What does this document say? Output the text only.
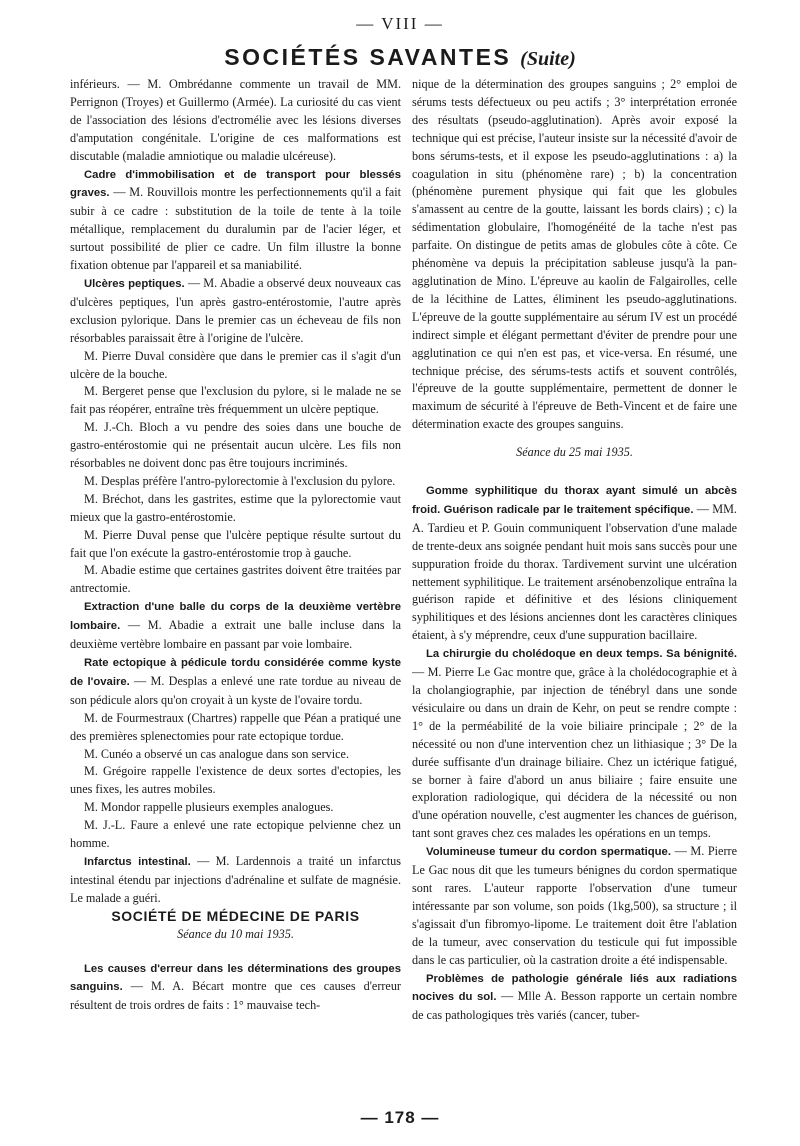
— VIII —
SOCIÉTÉS SAVANTES (Suite)

inférieurs. — M. Ombrédanne commente un travail de MM. Perrignon (Troyes) et Guillermo (Armée). La curiosité du cas vient de l'association des lésions d'ectromélie avec les lésions diverses d'amputation congénitale. L'origine de ces malformations est discutable (maladie amniotique ou maladie ulcéreuse).

Cadre d'immobilisation et de transport pour blessés graves. — M. Rouvillois montre les perfectionnements qu'il a fait subir à ce cadre : substitution de la toile de tente à la toile métallique, remplacement du duralumin par de l'acier léger, et surtout possibilité de plier ce cadre. Un film illustre la bonne fixation obtenue par l'appareil et sa maniabilité.

Ulcères peptiques. — M. Abadie a observé deux nouveaux cas d'ulcères peptiques, l'un après gastro-entérostomie, l'autre après exclusion pylorique. Dans le premier cas un écheveau de fils non résorbables paraissait être à l'origine de l'ulcère.

M. Pierre Duval considère que dans le premier cas il s'agit d'un ulcère de la bouche.

M. Bergeret pense que l'exclusion du pylore, si le malade ne se fait pas réopérer, entraîne très fréquemment un ulcère peptique.

M. J.-Ch. Bloch a vu pendre des soies dans une bouche de gastro-entérostomie qui ne présentait aucun ulcère. Les fils non résorbables ne doivent donc pas être toujours incriminés.

M. Desplas préfère l'antro-pylorectomie à l'exclusion du pylore.

M. Bréchot, dans les gastrites, estime que la pylorectomie vaut mieux que la gastro-entérostomie.

M. Pierre Duval pense que l'ulcère peptique résulte surtout du fait que l'on exécute la gastro-entérostomie trop à gauche.

M. Abadie estime que certaines gastrites doivent être traitées par antrectomie.

Extraction d'une balle du corps de la deuxième vertèbre lombaire. — M. Abadie a extrait une balle incluse dans la deuxième vertèbre lombaire en passant par voie lombaire.

Rate ectopique à pédicule tordu considérée comme kyste de l'ovaire. — M. Desplas a enlevé une rate tordue au niveau de son pédicule alors qu'on croyait à un kyste de l'ovaire tordu.

M. de Fourmestraux (Chartres) rappelle que Péan a pratiqué une des premières splenectomies pour rate ectopique tordue.

M. Cunéo a observé un cas analogue dans son service.

M. Grégoire rappelle l'existence de deux sortes d'ectopies, les unes fixes, les autres mobiles.

M. Mondor rappelle plusieurs exemples analogues.

M. J.-L. Faure a enlevé une rate ectopique pelvienne chez un homme.

Infarctus intestinal. — M. Lardennois a traité un infarctus intestinal étendu par injections d'adrénaline et sulfate de magnésie. Le malade a guéri.

SOCIÉTÉ DE MÉDECINE DE PARIS

Séance du 10 mai 1935.

Les causes d'erreur dans les déterminations des groupes sanguins. — M. A. Bécart montre que ces causes d'erreur résultent de trois ordres de faits : 1° mauvaise tech-

nique de la détermination des groupes sanguins ; 2° emploi de sérums tests défectueux ou peu actifs ; 3° interprétation erronée des résultats (pseudo-agglutination). Après avoir exposé la technique qui est précise, l'auteur insiste sur la nécessité d'avoir de bons sérums-tests, et il expose les pseudo-agglutinations : a) la coagulation in situ (phénomène rare) ; b) la concentration (phénomène purement physique qui fait que les globules s'amassent au centre de la goutte, laissant les bords clairs) ; c) la sédimentation globulaire, l'homogénéité de la tache n'est pas parfaite. On distingue de petits amas de globules côte à côte. Ce phénomène va depuis la précipitation sableuse jusqu'à la pan-agglutination de Mino. L'épreuve au kaolin de Falgairolles, celle de la lécithine de Lattes, éliminent les pseudo-agglutinations. L'épreuve de la goutte supplémentaire au sérum IV est un procédé indirect simple et élégant permettant d'éviter de prendre pour une agglutination ce qui n'en est pas, et vice-versa. En résumé, une technique précise, des sérums-tests actifs et souvent contrôlés, l'épreuve de la goutte supplémentaire, permettent de donner le maximum de sécurité à l'épreuve de Beth-Vincent et de faire une détermination exacte des groupes sanguins.

Séance du 25 mai 1935.

Gomme syphilitique du thorax ayant simulé un abcès froid. Guérison radicale par le traitement spécifique. — MM. A. Tardieu et P. Gouin communiquent l'observation d'une malade de trente-deux ans soignée pendant huit mois sans succès pour une suppuration froide du thorax. Tardivement survint une ulcération nettement syphilitique. Le traitement arsénobenzolique entraîna la guérison rapide et définitive et des lésions cliniquement syphilitiques et des lésions anciennes dont les caractères cliniques étaient, à s'y méprendre, ceux d'une suppuration bacillaire.

La chirurgie du cholédoque en deux temps. Sa bénignité. — M. Pierre Le Gac montre que, grâce à la cholédocographie et à la cholangiographie, par injection de ténébryl dans une sonde vésiculaire ou dans un drain de Kehr, on peut se rendre compte : 1° de la perméabilité de la voie biliaire principale ; 2° de la nécessité ou non d'une intervention chez un lithiasique ; 3° De la durée suffisante d'un drainage biliaire. Chez un ictérique fatigué, se borner à faire d'abord un anus biliaire ; faire ensuite une exploration radiologique, qui décidera de la nécessité ou non d'une opération nouvelle, c'est augmenter les chances de guérison, tant sont graves chez ces malades les opérations en un temps.

Volumineuse tumeur du cordon spermatique. — M. Pierre Le Gac nous dit que les tumeurs bénignes du cordon spermatique sont rares. L'auteur rapporte l'observation d'une tumeur intéressante par son volume, son poids (1kg,500), sa structure ; il s'agissait d'un fibromyo-lipome. Le traitement doit être l'ablation de la tumeur, avec conservation du testicule qui fut impossible dans le cas particulier, où la castration droite a été indispensable.

Problèmes de pathologie générale liés aux radiations nocives du sol. — Mlle A. Besson rapporte un certain nombre de cas pathologiques très variés (cancer, tuber-

— 178 —
